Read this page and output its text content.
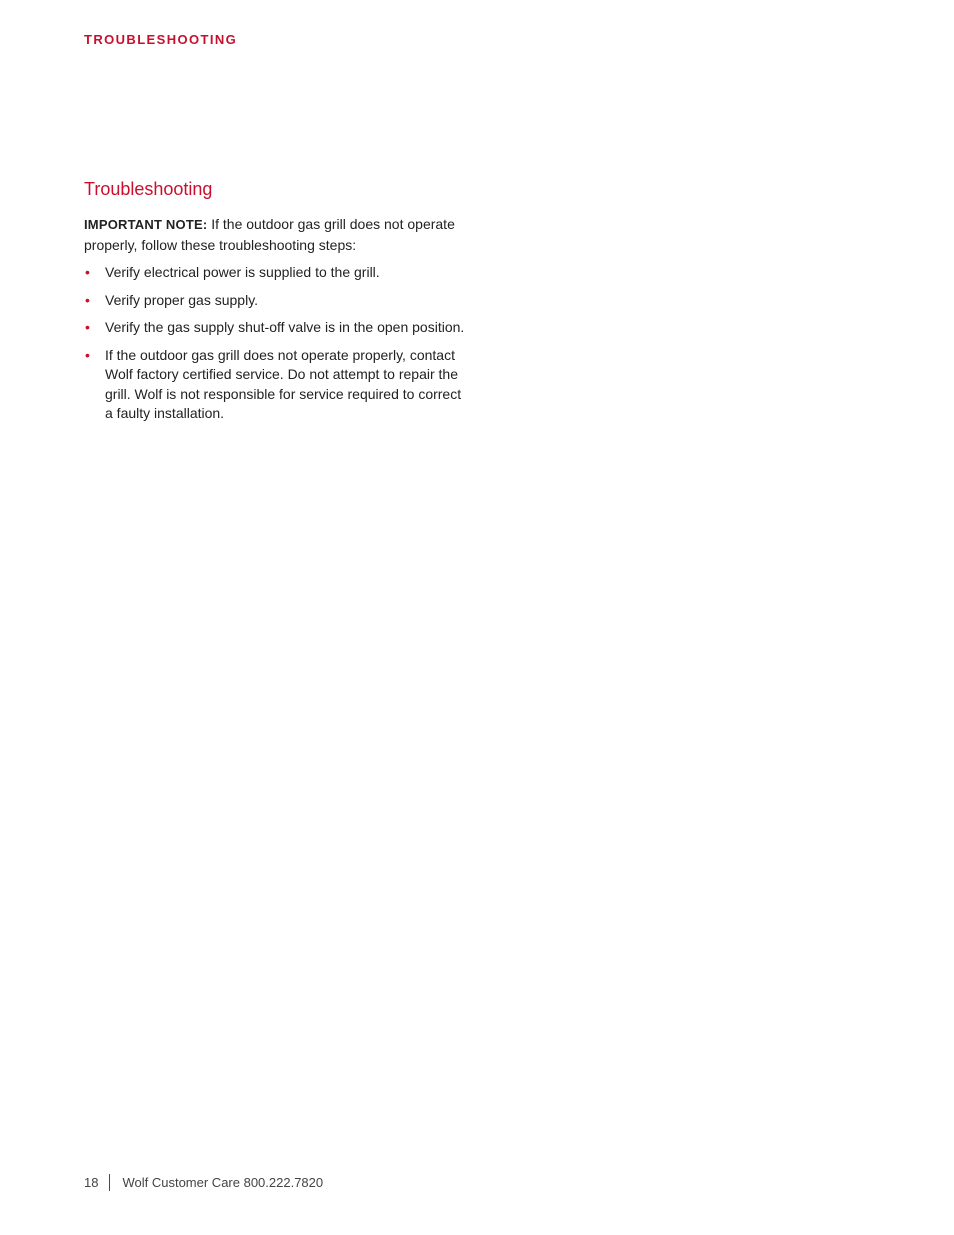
TROUBLESHOOTING
Troubleshooting

IMPORTANT NOTE: If the outdoor gas grill does not operate properly, follow these troubleshooting steps:

• Verify electrical power is supplied to the grill.
• Verify proper gas supply.
• Verify the gas supply shut-off valve is in the open position.
• If the outdoor gas grill does not operate properly, contact Wolf factory certified service. Do not attempt to repair the grill. Wolf is not responsible for service required to correct a faulty installation.
18 Wolf Customer Care 800.222.7820
